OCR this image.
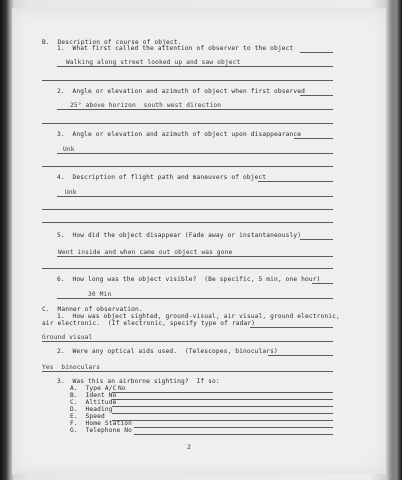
B.  Description of course of object.
1.  What first called the attention of observer to the object
Walking along street looked up and saw object
2.  Angle or elevation and azimuth of object when first observed
25° above horizon  south west direction
3.  Angle or elevation and azimuth of object upon disappearance
Unk
4.  Description of flight path and maneuvers of object
Unk
5.  How did the object disappear (Fade away or instantaneously)
Went inside and when came out object was gone
6.  How long was the object visible?  (Be specific, 5 min, one hour)
30 Min
C.  Manner of observation.
1.  How was object sighted, ground-visual, air visual, ground electronic,
air electronic.  (If electronic, specify type of radar)
Ground visual
2.  Were any optical aids used.  (Telescopes, binoculars)
Yes  binoculars
3.  Was this an airborne sighting?  If so:
A.  Type A/C No
B.  Ident No
C.  Altitude
D.  Heading
E.  Speed
F.  Home Station
G.  Telephone No
2
